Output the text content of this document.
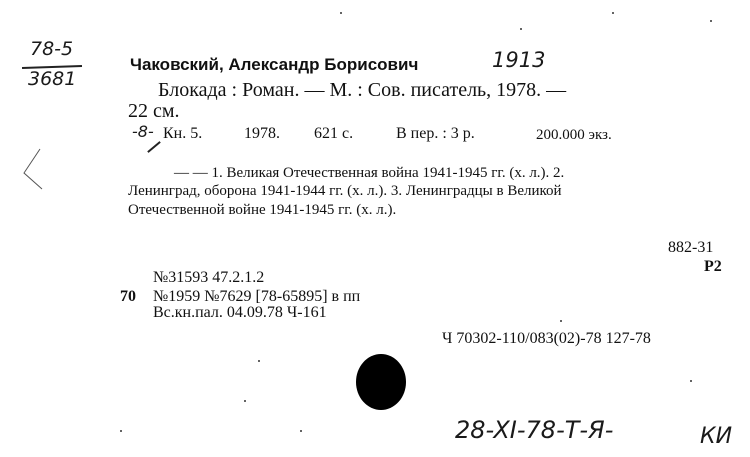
78-5
3681
Чаковский, Александр Борисович	1913
Блокада : Роман. — М. : Сов. писатель, 1978. —
22 см.
-8- Кн. 5.	1978. 621 с.	В пер. : 3 р.	200.000 экз.
— — 1. Великая Отечественная война 1941-1945 гг. (х. л.). 2.
Ленинград, оборона 1941-1944 гг. (х. л.). 3. Ленинградцы в Великой
Отечественной войне 1941-1945 гг. (х. л.).
882-31
Р2
№31593 47.2.1.2
70 №1959 №7629 [78-65895] в пп
Вс.кн.пал. 04.09.78 Ч-161
Ч 70302-110/083(02)-78 127-78
28-XI-78-Т-Я-	КИ
